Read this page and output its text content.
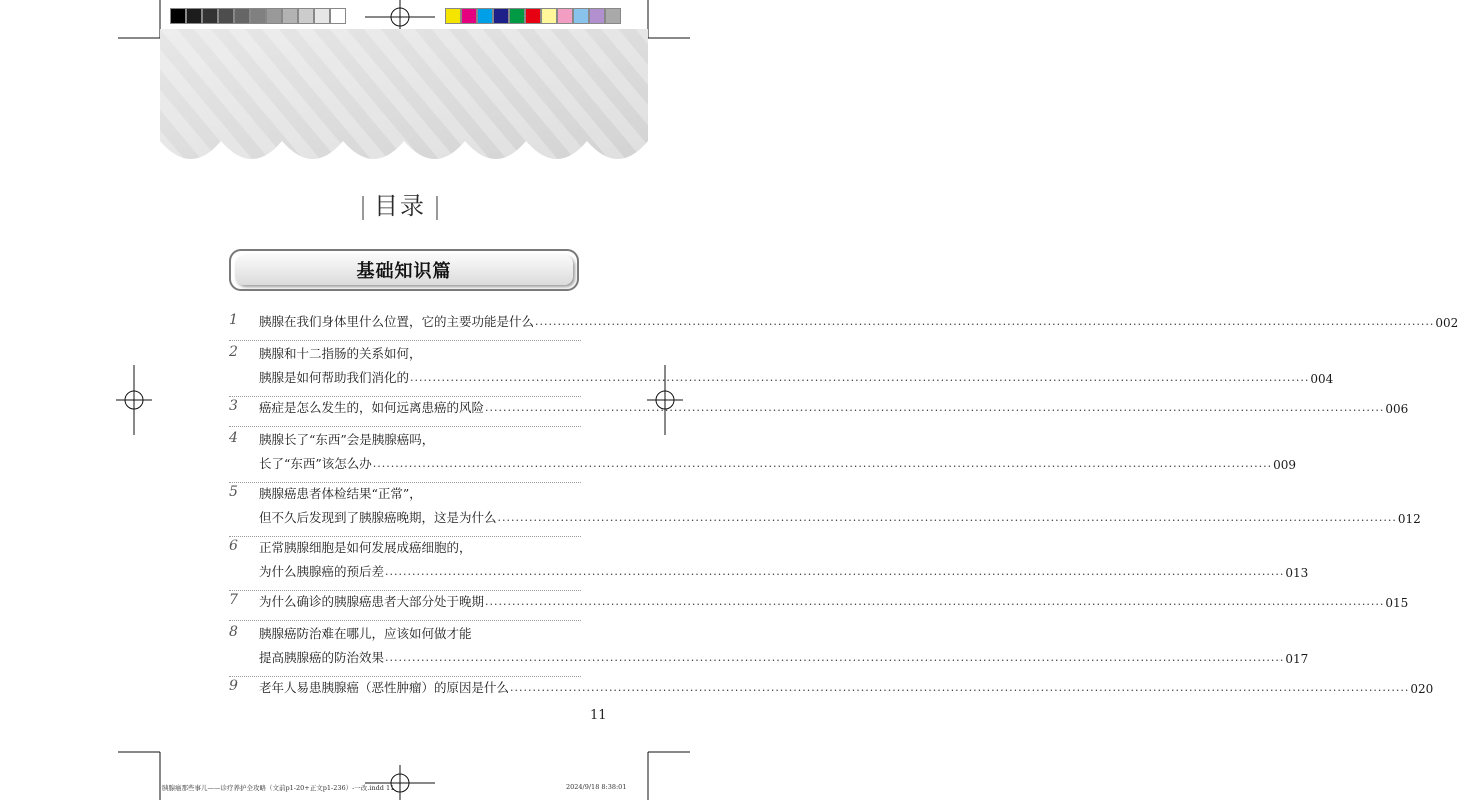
目录
基础知识篇
1 胰腺在我们身体里什么位置，它的主要功能是什么 ........................................................................................................................................................................................................ 002
2 胰腺和十二指肠的关系如何，
胰腺是如何帮助我们消化的 ........................................................................................................................................................................................................ 004
3 癌症是怎么发生的，如何远离患癌的风险 ........................................................................................................................................................................................................ 006
4 胰腺长了“东西”会是胰腺癌吗，
长了“东西”该怎么办 ........................................................................................................................................................................................................ 009
5 胰腺癌患者体检结果“正常”，
但不久后发现到了胰腺癌晚期，这是为什么 ........................................................................................................................................................................................................ 012
6 正常胰腺细胞是如何发展成癌细胞的，
为什么胰腺癌的预后差 ........................................................................................................................................................................................................ 013
7 为什么确诊的胰腺癌患者大部分处于晚期 ........................................................................................................................................................................................................ 015
8 胰腺癌防治难在哪儿，应该如何做才能
提高胰腺癌的防治效果 ........................................................................................................................................................................................................ 017
9 老年人易患胰腺癌（恶性肿瘤）的原因是什么 ........................................................................................................................................................................................................ 020
11
胰腺癌那些事儿——诊疗养护全攻略（文前p1-20+正文p1-236）-一改.indd 11	2024/9/18 8:38:01
